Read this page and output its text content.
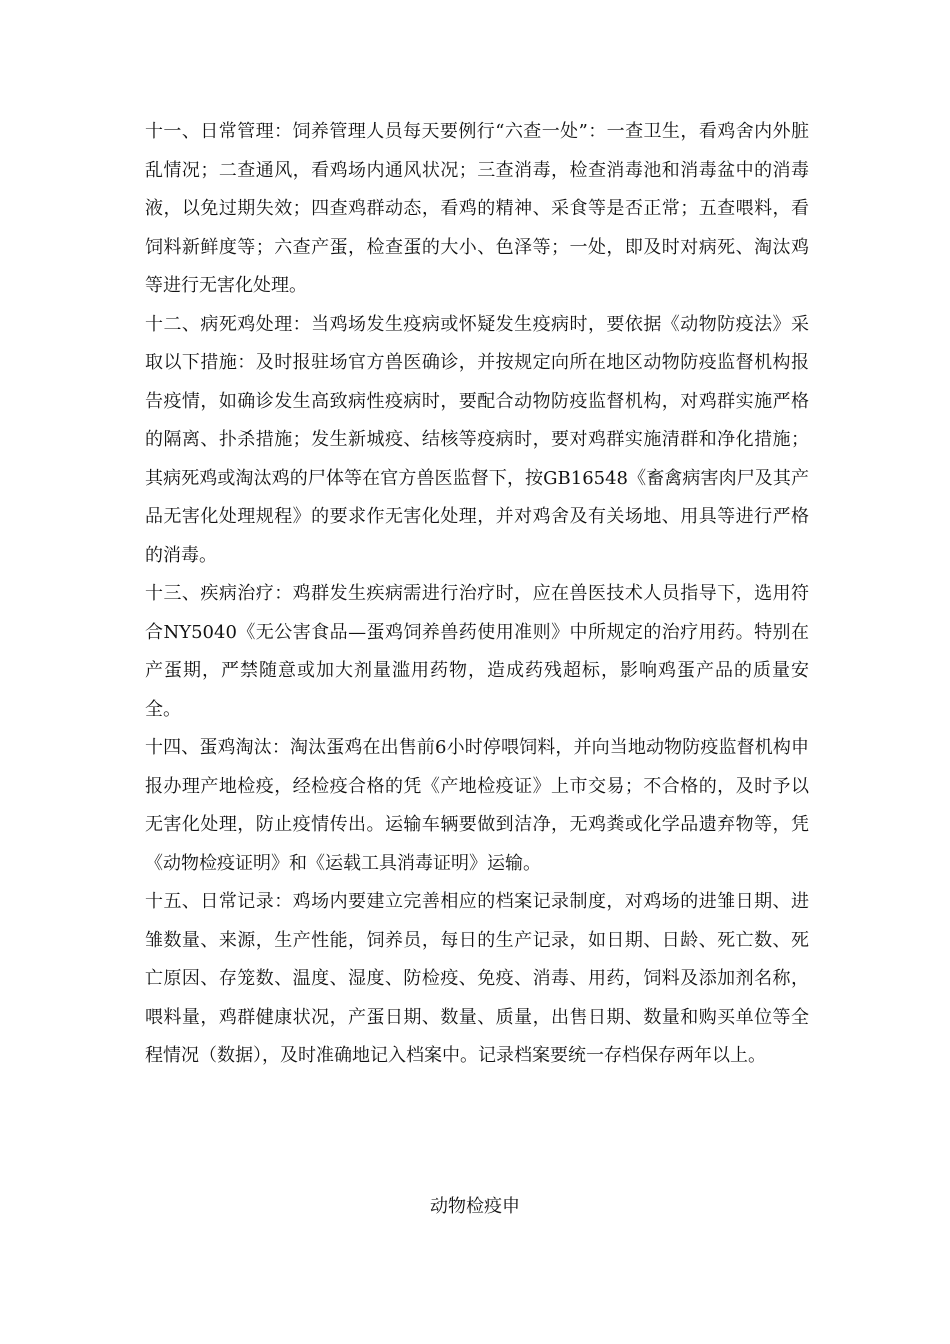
十一、日常管理：饲养管理人员每天要例行“六查一处”：一查卫生，看鸡舍内外脏乱情况；二查通风，看鸡场内通风状况；三查消毒，检查消毒池和消毒盆中的消毒液，以免过期失效；四查鸡群动态，看鸡的精神、采食等是否正常；五查喂料，看饲料新鲜度等；六查产蛋，检查蛋的大小、色泽等；一处，即及时对病死、淘汰鸡等进行无害化处理。

十二、病死鸡处理：当鸡场发生疫病或怀疑发生疫病时，要依据《动物防疫法》采取以下措施：及时报驻场官方兽医确诊，并按规定向所在地区动物防疫监督机构报告疫情，如确诊发生高致病性疫病时，要配合动物防疫监督机构，对鸡群实施严格的隔离、扑杀措施；发生新城疫、结核等疫病时，要对鸡群实施清群和净化措施；其病死鸡或淘汰鸡的尸体等在官方兽医监督下，按GB16548《畜禽病害肉尸及其产品无害化处理规程》的要求作无害化处理，并对鸡舍及有关场地、用具等进行严格的消毒。

十三、疾病治疗：鸡群发生疾病需进行治疗时，应在兽医技术人员指导下，选用符合NY5040《无公害食品—蛋鸡饲养兽药使用准则》中所规定的治疗用药。特别在产蛋期，严禁随意或加大剂量滥用药物，造成药残超标，影响鸡蛋产品的质量安全。

十四、蛋鸡淘汰：淘汰蛋鸡在出售前6小时停喂饲料，并向当地动物防疫监督机构申报办理产地检疫，经检疫合格的凭《产地检疫证》上市交易；不合格的，及时予以无害化处理，防止疫情传出。运输车辆要做到洁净，无鸡粪或化学品遗弃物等，凭《动物检疫证明》和《运载工具消毒证明》运输。

十五、日常记录：鸡场内要建立完善相应的档案记录制度，对鸡场的进雏日期、进雏数量、来源，生产性能，饲养员，每日的生产记录，如日期、日龄、死亡数、死亡原因、存笼数、温度、湿度、防检疫、免疫、消毒、用药，饲料及添加剂名称，喂料量，鸡群健康状况，产蛋日期、数量、质量，出售日期、数量和购买单位等全程情况（数据），及时准确地记入档案中。记录档案要统一存档保存两年以上。

动物检疫申
